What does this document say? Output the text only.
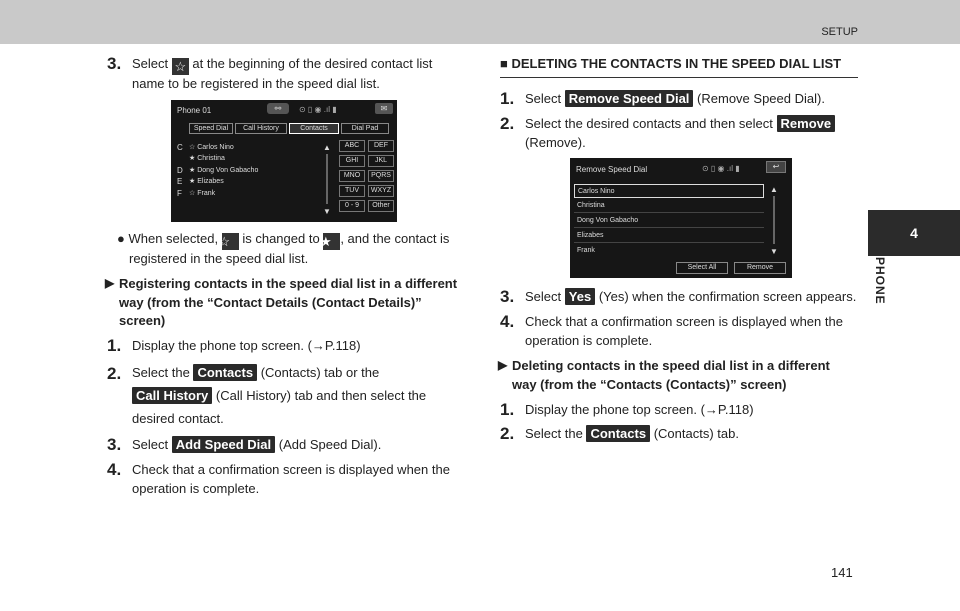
SETUP
4
PHONE
141
3. Select ☆ at the beginning of the desired contact list name to be registered in the speed dial list.
Phone 01	⚯	⊙ ▯ ◉ .ıl ▮	✉
Speed Dial	Call History	Contacts	Dial Pad
C
D
E
F
☆ Carlos Nino
★ Christina
★ Dong Von Gabacho
★ Elizabes
☆ Frank
▲
▼
ABC	DEF
GHI	JKL
MNO	PQRS
TUV	WXYZ
0 - 9	Other
● When selected, ☆ is changed to ★ , and the contact is registered in the speed dial list.
▶ Registering contacts in the speed dial list in a different way (from the “Contact Details (Contact Details)” screen)
1. Display the phone top screen. (→P.118)
2. Select the Contacts (Contacts) tab or the Call History (Call History) tab and then select the desired contact.
3. Select Add Speed Dial (Add Speed Dial).
4. Check that a confirmation screen is displayed when the operation is complete.
■ DELETING THE CONTACTS IN THE SPEED DIAL LIST
1. Select Remove Speed Dial (Remove Speed Dial).
2. Select the desired contacts and then select Remove (Remove).
Remove Speed Dial	⊙ ▯ ◉ .ıl ▮	↩
Carlos Nino
Christina
Dong Von Gabacho
Elizabes
Frank
▲
▼
Select All	Remove
3. Select Yes (Yes) when the confirmation screen appears.
4. Check that a confirmation screen is displayed when the operation is complete.
▶ Deleting contacts in the speed dial list in a different way (from the “Contacts (Contacts)” screen)
1. Display the phone top screen. (→P.118)
2. Select the Contacts (Contacts) tab.
